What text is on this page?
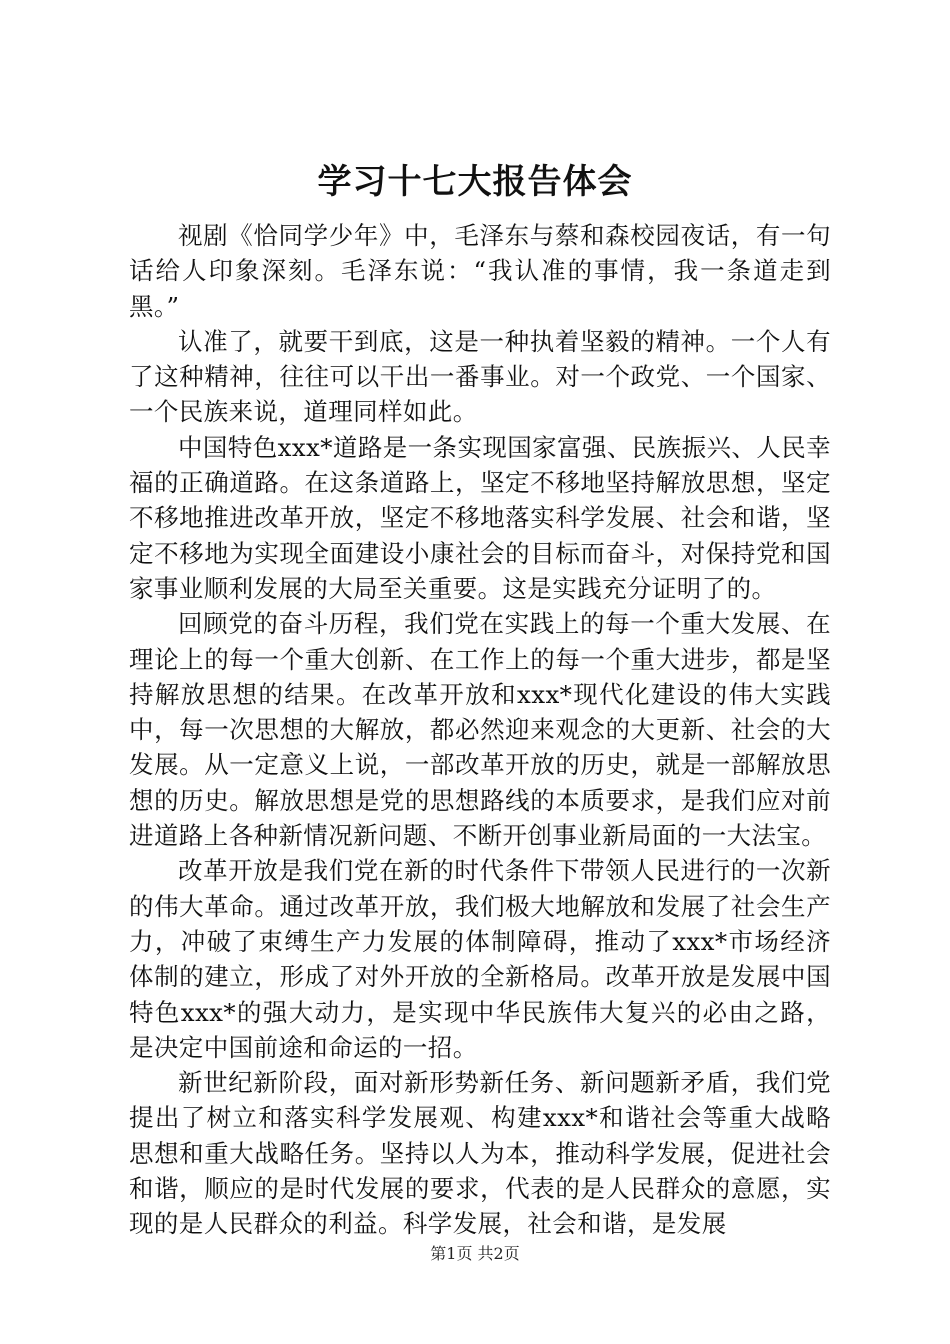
学习十七大报告体会

视剧《恰同学少年》中，毛泽东与蔡和森校园夜话，有一句话给人印象深刻。毛泽东说：“我认准的事情，我一条道走到黑。”

认准了，就要干到底，这是一种执着坚毅的精神。一个人有了这种精神，往往可以干出一番事业。对一个政党、一个国家、一个民族来说，道理同样如此。

中国特色xxx*道路是一条实现国家富强、民族振兴、人民幸福的正确道路。在这条道路上，坚定不移地坚持解放思想，坚定不移地推进改革开放，坚定不移地落实科学发展、社会和谐，坚定不移地为实现全面建设小康社会的目标而奋斗，对保持党和国家事业顺利发展的大局至关重要。这是实践充分证明了的。

回顾党的奋斗历程，我们党在实践上的每一个重大发展、在理论上的每一个重大创新、在工作上的每一个重大进步，都是坚持解放思想的结果。在改革开放和xxx*现代化建设的伟大实践中，每一次思想的大解放，都必然迎来观念的大更新、社会的大发展。从一定意义上说，一部改革开放的历史，就是一部解放思想的历史。解放思想是党的思想路线的本质要求，是我们应对前进道路上各种新情况新问题、不断开创事业新局面的一大法宝。

改革开放是我们党在新的时代条件下带领人民进行的一次新的伟大革命。通过改革开放，我们极大地解放和发展了社会生产力，冲破了束缚生产力发展的体制障碍，推动了xxx*市场经济体制的建立，形成了对外开放的全新格局。改革开放是发展中国特色xxx*的强大动力，是实现中华民族伟大复兴的必由之路，是决定中国前途和命运的一招。

新世纪新阶段，面对新形势新任务、新问题新矛盾，我们党提出了树立和落实科学发展观、构建xxx*和谐社会等重大战略思想和重大战略任务。坚持以人为本，推动科学发展，促进社会和谐，顺应的是时代发展的要求，代表的是人民群众的意愿，实现的是人民群众的利益。科学发展，社会和谐，是发展

第1页 共2页
